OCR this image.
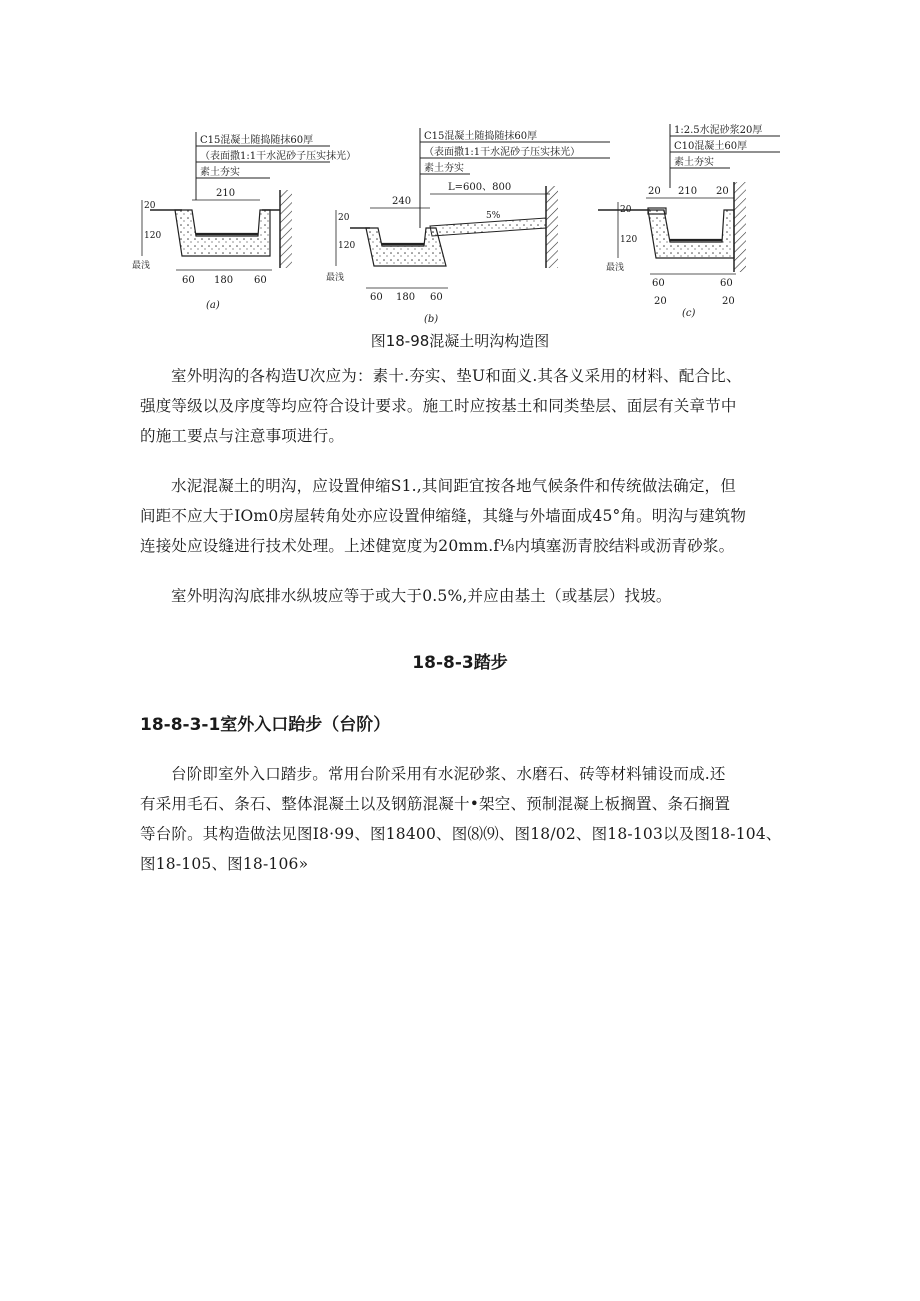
C15混凝土随捣随抹60厚
（表面撒1:1干水泥砂子压实抹光）
素土夯实
210
20
120
最浅
60 180 60
(a)
C15混凝土随捣随抹60厚
（表面撒1:1干水泥砂子压实抹光）
素土夯实
L=600、800
240
5%
20
120
最浅
60 180 60
(b)
1:2.5水泥砂浆20厚
C10混凝土60厚
素土夯实
20 210 20
20
120
最浅
60	60
20	20
(c)
图18-98混凝土明沟构造图

室外明沟的各构造U次应为：素十.夯实、垫U和面义.其各义采用的材料、配合比、
强度等级以及序度等均应符合设计要求。施工时应按基土和同类垫层、面层有关章节中
的施工要点与注意事项进行。

水泥混凝土的明沟，应设置伸缩S1.,其间距宜按各地气候条件和传统做法确定，但
间距不应大于IOm0房屋转角处亦应设置伸缩缝，其缝与外墙面成45°角。明沟与建筑物
连接处应设缝进行技术处理。上述健宽度为20mm.f⅛内填塞沥青胶结料或沥青砂浆。

室外明沟沟底排水纵坡应等于或大于0.5%,并应由基土（或基层）找坡。

18-8-3踏步
18-8-3-1室外入口跆步（台阶）

台阶即室外入口踏步。常用台阶采用有水泥砂浆、水磨石、砖等材料铺设而成.还
有采用毛石、条石、整体混凝土以及钢筋混凝十•架空、预制混凝上板搁置、条石搁置
等台阶。其构造做法见图I8·99、图18400、图⑻⑼、图18/02、图18-103以及图18-104、
图18-105、图18-106»
